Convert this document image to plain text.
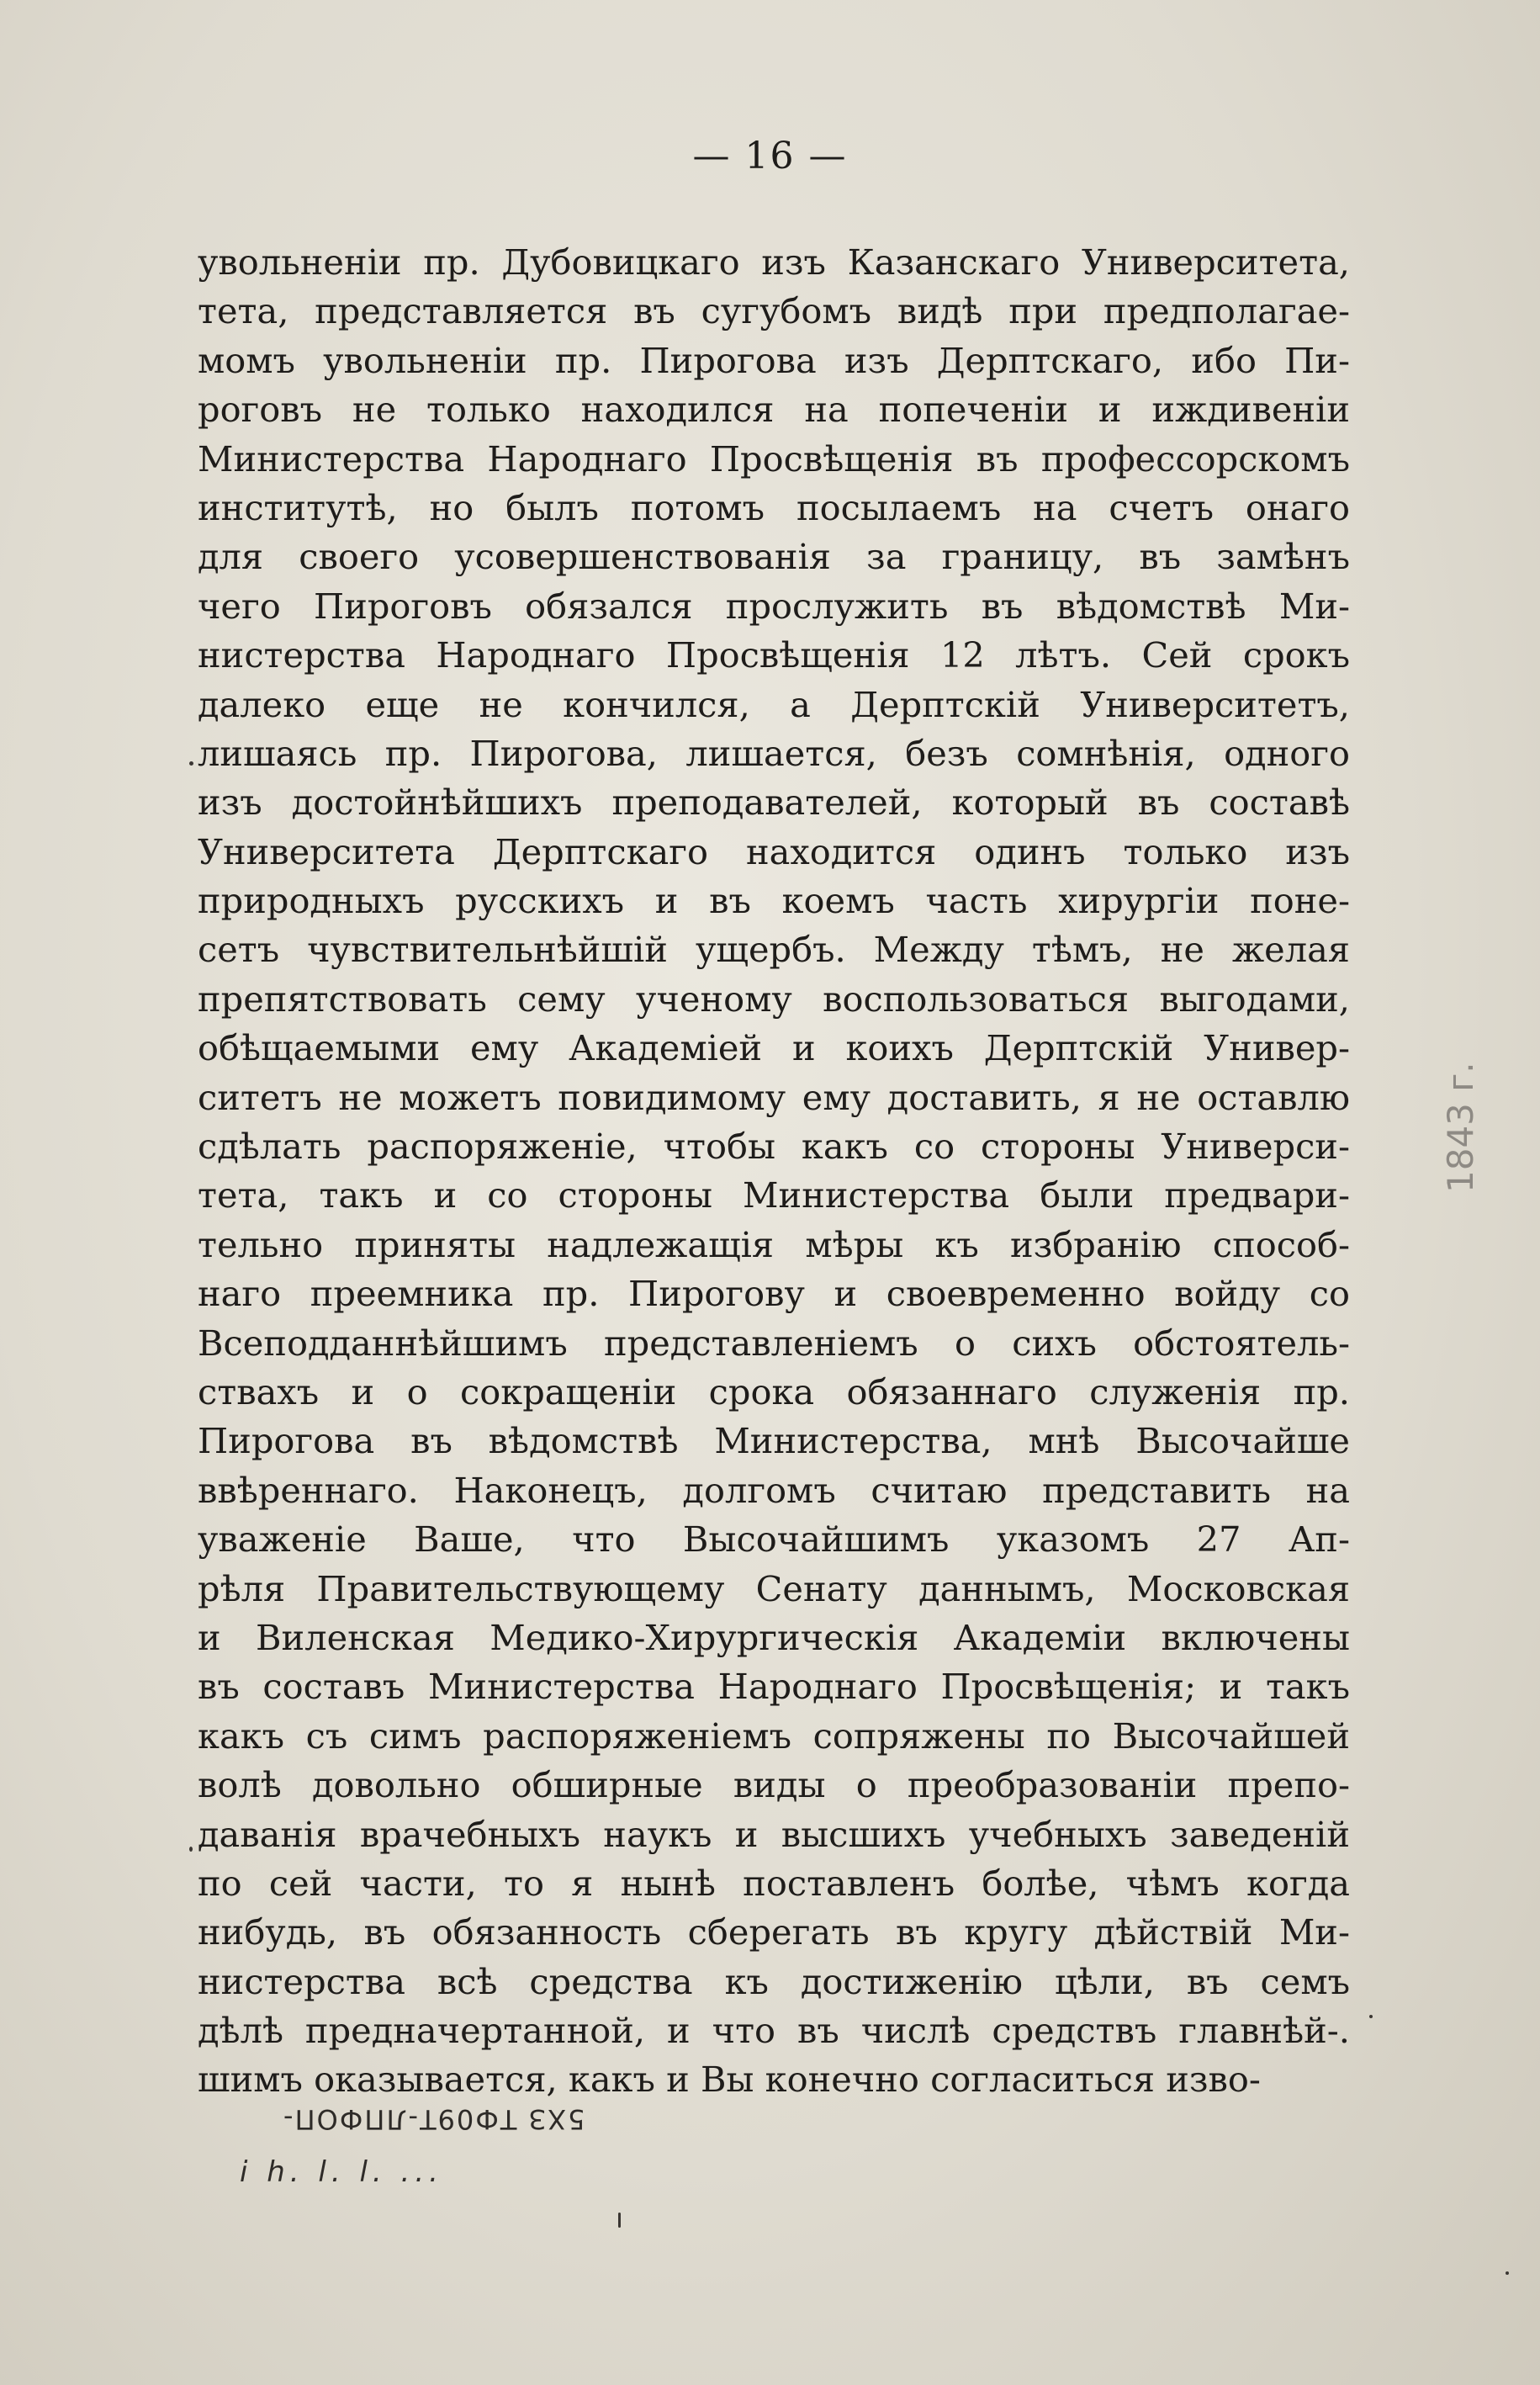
— 16 —
увольненіи пр. Дубовицкаго изъ Казанскаго Университета,
тета, представляется въ сугубомъ видѣ при предполагае-
момъ увольненіи пр. Пирогова изъ Дерптскаго, ибо Пи-
роговъ не только находился на попеченіи и иждивеніи
Министерства Народнаго Просвѣщенія въ профессорскомъ
институтѣ, но былъ потомъ посылаемъ на счетъ онаго
для своего усовершенствованія за границу, въ замѣнъ
чего Пироговъ обязался прослужить въ вѣдомствѣ Ми-
нистерства Народнаго Просвѣщенія 12 лѣтъ. Сей срокъ
далеко еще не кончился, а Дерптскій Университетъ,
лишаясь пр. Пирогова, лишается, безъ сомнѣнія, одного
изъ достойнѣйшихъ преподавателей, который въ составѣ
Университета Дерптскаго находится одинъ только изъ
природныхъ русскихъ и въ коемъ часть хирургіи поне-
сетъ чувствительнѣйшій ущербъ. Между тѣмъ, не желая
препятствовать сему ученому воспользоваться выгодами,
обѣщаемыми ему Академіей и коихъ Дерптскій Универ-
ситетъ не можетъ повидимому ему доставить, я не оставлю
сдѣлать распоряженіе, чтобы какъ со стороны Универси-
тета, такъ и со стороны Министерства были предвари-
тельно приняты надлежащія мѣры къ избранію способ-
наго преемника пр. Пирогову и своевременно войду со
Всеподданнѣйшимъ представленіемъ о сихъ обстоятель-
ствахъ и о сокращеніи срока обязаннаго служенія пр.
Пирогова въ вѣдомствѣ Министерства, мнѣ Высочайше
ввѣреннаго. Наконецъ, долгомъ считаю представить на
уваженіе Ваше, что Высочайшимъ указомъ 27 Ап-
рѣля Правительствующему Сенату даннымъ, Московская
и Виленская Медико-Хирургическія Академіи включены
въ составъ Министерства Народнаго Просвѣщенія; и такъ
какъ съ симъ распоряженіемъ сопряжены по Высочайшей
волѣ довольно обширные виды о преобразованіи препо-
даванія врачебныхъ наукъ и высшихъ учебныхъ заведеній
по сей части, то я нынѣ поставленъ болѣе, чѣмъ когда
нибудь, въ обязанность сберегать въ кругу дѣйствій Ми-
нистерства всѣ средства къ достиженію цѣли, въ семъ
дѣлѣ предначертанной, и что въ числѣ средствъ главнѣй-.
шимъ оказывается, какъ и Вы конечно согласиться изво-
1843 г.
5ХЗ ТФ09Т-ЛПФОП-
і h. l. l. ...
